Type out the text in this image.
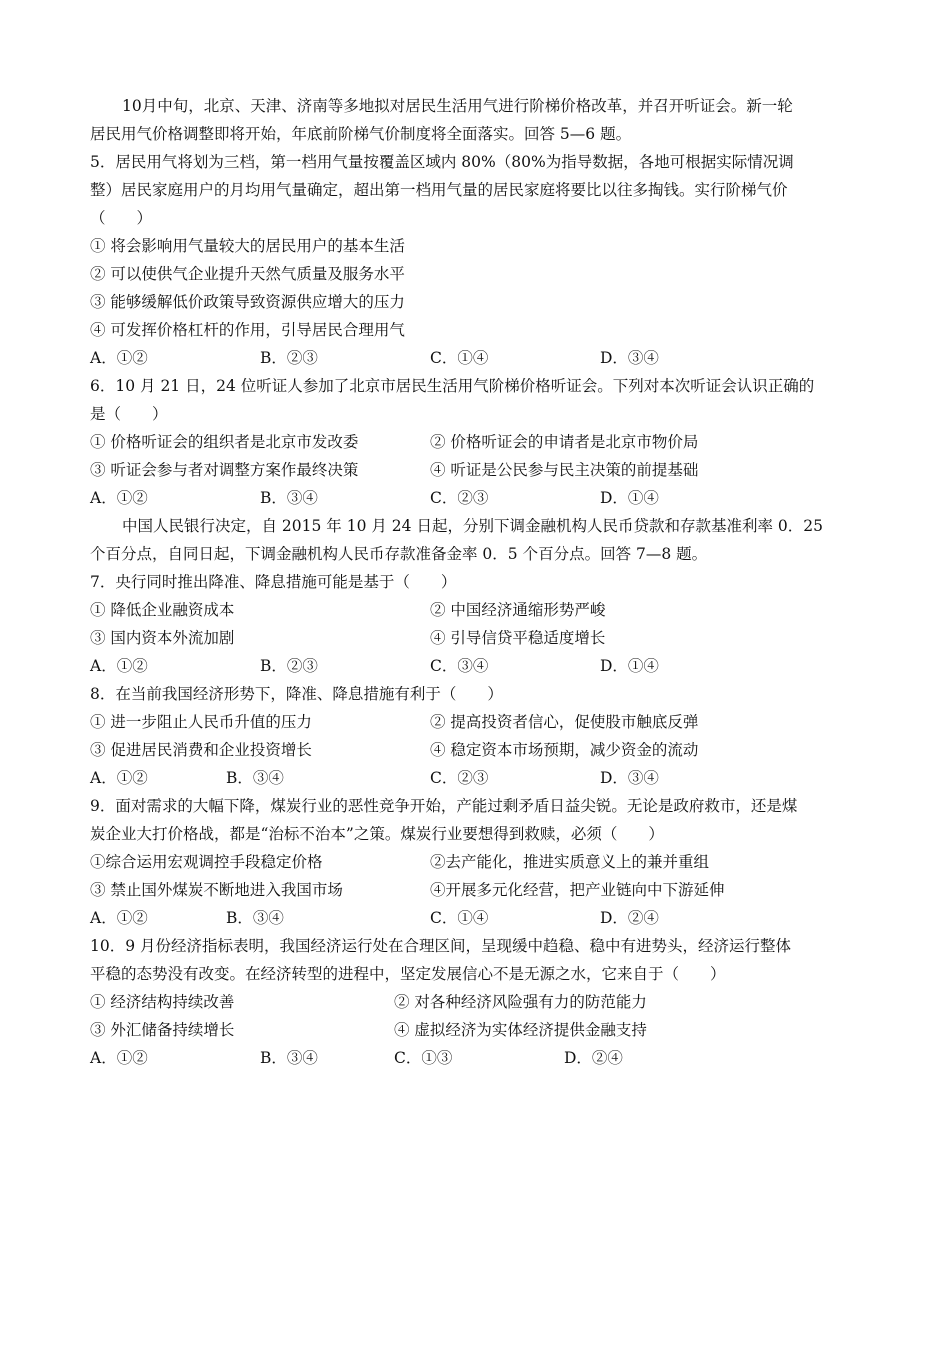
10月中旬，北京、天津、济南等多地拟对居民生活用气进行阶梯价格改革，并召开听证会。新一轮
居民用气价格调整即将开始，年底前阶梯气价制度将全面落实。回答 5—6 题。
5．居民用气将划为三档，第一档用气量按覆盖区域内 80%（80%为指导数据，各地可根据实际情况调
整）居民家庭用户的月均用气量确定，超出第一档用气量的居民家庭将要比以往多掏钱。实行阶梯气价
（　　）
① 将会影响用气量较大的居民用户的基本生活
② 可以使供气企业提升天然气质量及服务水平
③ 能够缓解低价政策导致资源供应增大的压力
④ 可发挥价格杠杆的作用，引导居民合理用气
A．①②	B．②③	C．①④	D．③④
6．10 月 21 日，24 位听证人参加了北京市居民生活用气阶梯价格听证会。下列对本次听证会认识正确的
是（　　）
① 价格听证会的组织者是北京市发改委	② 价格听证会的申请者是北京市物价局
③ 听证会参与者对调整方案作最终决策	④ 听证是公民参与民主决策的前提基础
A．①②	B．③④	C．②③	D．①④
中国人民银行决定，自 2015 年 10 月 24 日起，分别下调金融机构人民币贷款和存款基准利率 0．25
个百分点，自同日起，下调金融机构人民币存款准备金率 0．5 个百分点。回答 7—8 题。
7．央行同时推出降准、降息措施可能是基于（　　）
① 降低企业融资成本	② 中国经济通缩形势严峻
③ 国内资本外流加剧	④ 引导信贷平稳适度增长
A．①②	B．②③	C．③④	D．①④
8．在当前我国经济形势下，降准、降息措施有利于（　　）
① 进一步阻止人民币升值的压力	② 提高投资者信心，促使股市触底反弹
③ 促进居民消费和企业投资增长	④ 稳定资本市场预期，减少资金的流动
A．①②	B．③④	C．②③	D．③④
9．面对需求的大幅下降，煤炭行业的恶性竞争开始，产能过剩矛盾日益尖锐。无论是政府救市，还是煤
炭企业大打价格战，都是“治标不治本”之策。煤炭行业要想得到救赎，必须（　　）
①综合运用宏观调控手段稳定价格	②去产能化，推进实质意义上的兼并重组
③ 禁止国外煤炭不断地进入我国市场	④开展多元化经营，把产业链向中下游延伸
A．①②	B．③④	C．①④	D．②④
10．9 月份经济指标表明，我国经济运行处在合理区间，呈现缓中趋稳、稳中有进势头，经济运行整体
平稳的态势没有改变。在经济转型的进程中，坚定发展信心不是无源之水，它来自于（　　）
① 经济结构持续改善	② 对各种经济风险强有力的防范能力
③ 外汇储备持续增长	④ 虚拟经济为实体经济提供金融支持
A．①②	B．③④	C．①③	D．②④
